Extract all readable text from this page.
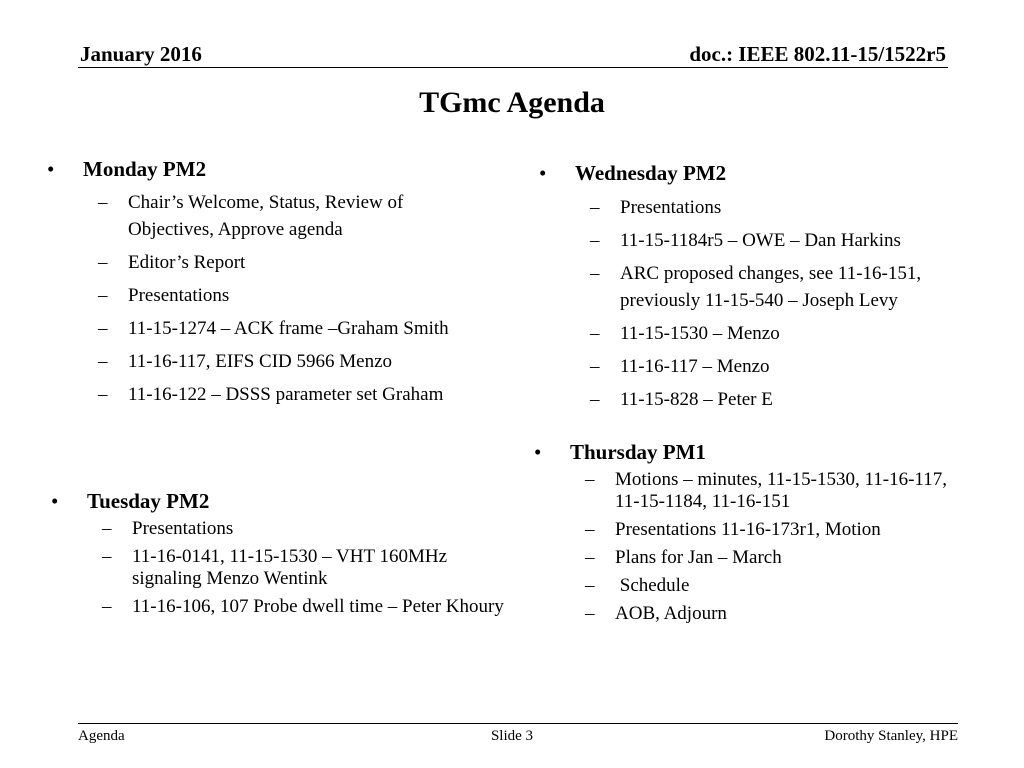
January 2016	doc.: IEEE 802.11-15/1522r5
TGmc Agenda
• Monday PM2
– Chair’s Welcome, Status, Review of Objectives, Approve agenda
– Editor’s Report
– Presentations
– 11-15-1274 – ACK frame –Graham Smith
– 11-16-117, EIFS CID 5966 Menzo
– 11-16-122 – DSSS parameter set Graham
• Tuesday PM2
– Presentations
– 11-16-0141, 11-15-1530 – VHT 160MHz signaling Menzo Wentink
– 11-16-106, 107 Probe dwell time – Peter Khoury
• Wednesday PM2
– Presentations
– 11-15-1184r5 – OWE – Dan Harkins
– ARC proposed changes, see 11-16-151, previously 11-15-540 – Joseph Levy
– 11-15-1530 – Menzo
– 11-16-117 – Menzo
– 11-15-828 – Peter E
• Thursday PM1
– Motions – minutes, 11-15-1530, 11-16-117, 11-15-1184, 11-16-151
– Presentations 11-16-173r1, Motion
– Plans for Jan – March
– Schedule
– AOB, Adjourn
Agenda	Slide 3	Dorothy Stanley, HPE
